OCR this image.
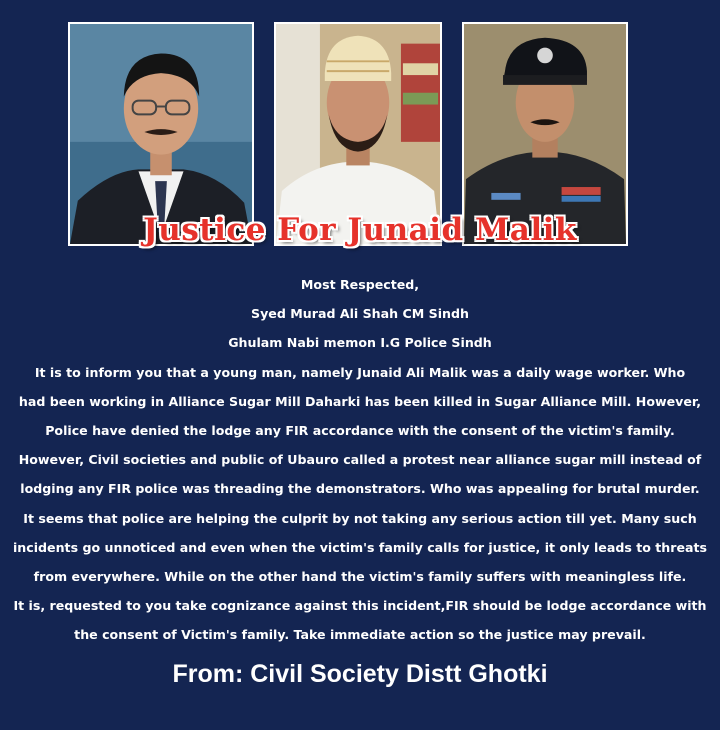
Justice For Junaid Malik
Most Respected,
Syed Murad Ali Shah CM Sindh
Ghulam Nabi memon I.G Police Sindh
It is to inform you that a young man, namely Junaid Ali Malik was a daily wage worker. Who
had been working in Alliance Sugar Mill Daharki has been killed in Sugar Alliance Mill. However,
Police have denied the lodge any FIR accordance with the consent of the victim's family.
However, Civil societies and public of Ubauro called a protest near alliance sugar mill instead of
lodging any FIR police was threading the demonstrators. Who was appealing for brutal murder.
It seems that police are helping the culprit by not taking any serious action till yet. Many such
incidents go unnoticed and even when the victim's family calls for justice, it only leads to threats
from everywhere. While on the other hand the victim's family suffers with meaningless life.
It is, requested to you take cognizance against this incident,FIR should be lodge accordance with
the consent of Victim's family. Take immediate action so the justice may prevail.
From: Civil Society Distt Ghotki
